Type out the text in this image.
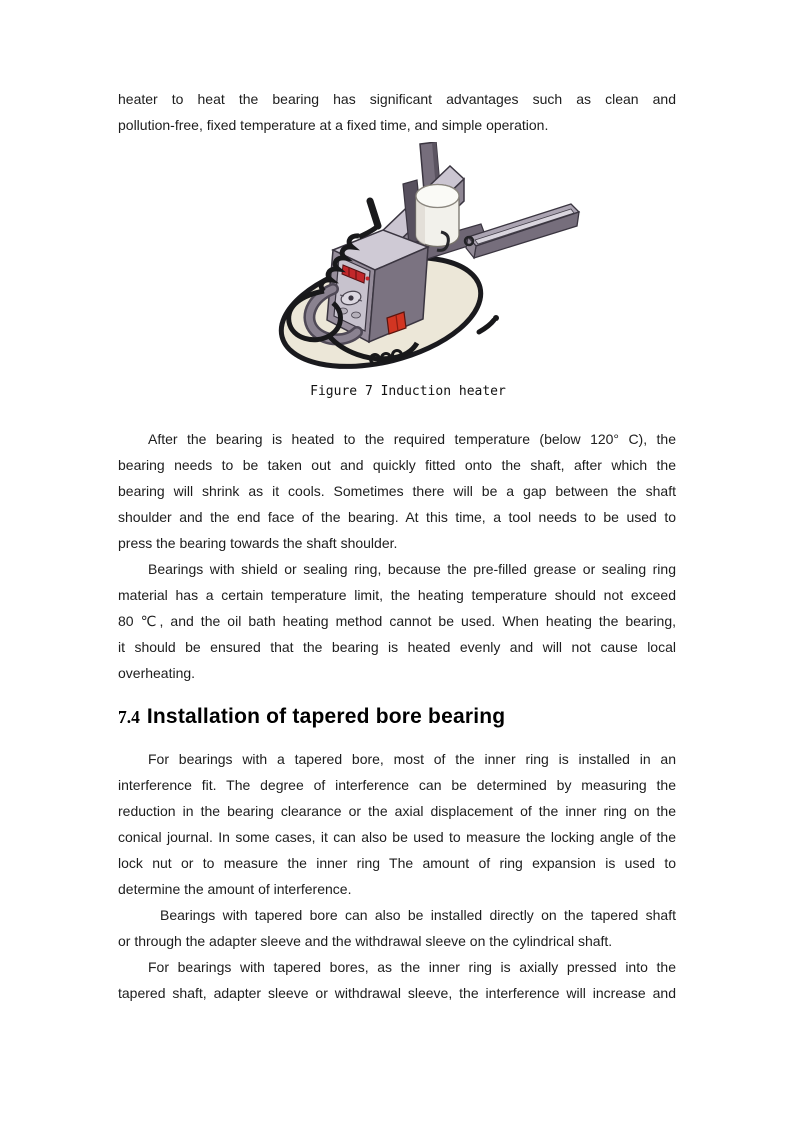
heater to heat the bearing has significant advantages such as clean and
pollution-free, fixed temperature at a fixed time, and simple operation.
Figure 7 Induction heater
After the bearing is heated to the required temperature (below 120° C), the
bearing needs to be taken out and quickly fitted onto the shaft, after which the
bearing will shrink as it cools. Sometimes there will be a gap between the shaft
shoulder and the end face of the bearing. At this time, a tool needs to be used to
press the bearing towards the shaft shoulder.
Bearings with shield or sealing ring, because the pre-filled grease or sealing ring
material has a certain temperature limit, the heating temperature should not exceed
80 ℃, and the oil bath heating method cannot be used. When heating the bearing,
it should be ensured that the bearing is heated evenly and will not cause local
overheating.
7.4 Installation of tapered bore bearing
For bearings with a tapered bore, most of the inner ring is installed in an
interference fit. The degree of interference can be determined by measuring the
reduction in the bearing clearance or the axial displacement of the inner ring on the
conical journal. In some cases, it can also be used to measure the locking angle of the
lock nut or to measure the inner ring The amount of ring expansion is used to
determine the amount of interference.
Bearings with tapered bore can also be installed directly on the tapered shaft
or through the adapter sleeve and the withdrawal sleeve on the cylindrical shaft.
For bearings with tapered bores, as the inner ring is axially pressed into the
tapered shaft, adapter sleeve or withdrawal sleeve, the interference will increase and
